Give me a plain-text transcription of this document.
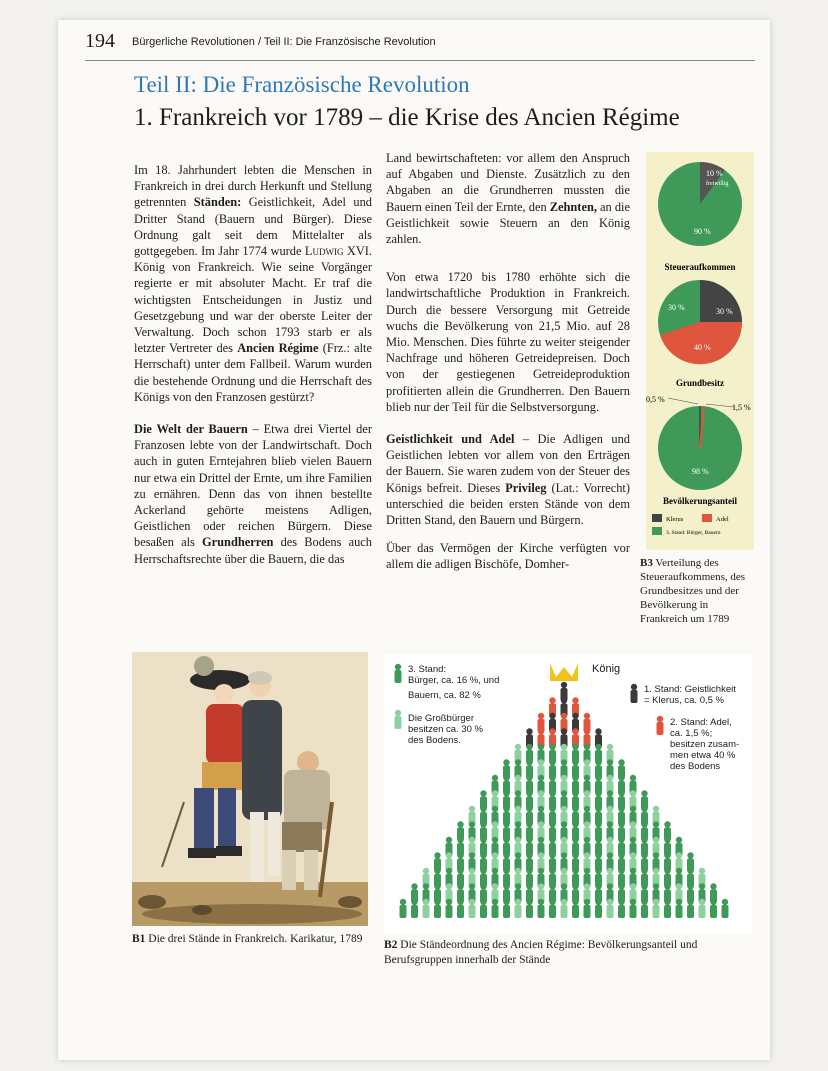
194 Bürgerliche Revolutionen / Teil II: Die Französische Revolution
Teil II: Die Französische Revolution
1. Frankreich vor 1789 – die Krise des Ancien Régime

Im 18. Jahrhundert lebten die Menschen in Frankreich in drei durch Herkunft und Stellung getrennten Ständen: Geistlichkeit, Adel und Dritter Stand (Bauern und Bürger). Diese Ordnung galt seit dem Mittelalter als gottgegeben. Im Jahr 1774 wurde Ludwig XVI. König von Frankreich. Wie seine Vorgänger regierte er mit absoluter Macht. Er traf die wichtigsten Entscheidungen in Justiz und Gesetzgebung und war der oberste Leiter der Verwaltung. Doch schon 1793 starb er als letzter Vertreter des Ancien Régime (Frz.: alte Herrschaft) unter dem Fallbeil. Warum wurden die bestehende Ordnung und die Herrschaft des Königs von den Franzosen gestürzt?

Die Welt der Bauern – Etwa drei Viertel der Franzosen lebte von der Landwirtschaft. Doch auch in guten Erntejahren blieb vielen Bauern nur etwa ein Drittel der Ernte, um ihre Familien zu ernähren. Denn das von ihnen bestellte Ackerland gehörte meistens Adligen, Geistlichen oder reichen Bürgern. Diese besaßen als Grundherren des Bodens auch Herrschaftsrechte über die Bauern, die das

Land bewirtschafteten: vor allem den Anspruch auf Abgaben und Dienste. Zusätzlich zu den Abgaben an die Grundherren mussten die Bauern einen Teil der Ernte, den Zehnten, an die Geistlichkeit sowie Steuern an den König zahlen.

Von etwa 1720 bis 1780 erhöhte sich die landwirtschaftliche Produktion in Frankreich. Durch die bessere Versorgung mit Getreide wuchs die Bevölkerung von 21,5 Mio. auf 28 Mio. Menschen. Dies führte zu weiter steigender Nachfrage und höheren Getreidepreisen. Doch von der gestiegenen Getreideproduktion profitierten allein die Grundherren. Den Bauern blieb nur der Teil für die Selbstversorgung.

Geistlichkeit und Adel – Die Adligen und Geistlichen lebten vor allem von den Erträgen der Bauern. Sie waren zudem von der Steuer des Königs befreit. Dieses Privileg (Lat.: Vorrecht) unterschied die beiden ersten Stände von dem Dritten Stand, den Bauern und Bürgern.

Über das Vermögen der Kirche verfügten vor allem die adligen Bischöfe, Domher-

10 %
freiwillig
90 %
Steueraufkommen
30 %	30 %
40 %
Grundbesitz
0,5 %
1,5 %
98 %
Bevölkerungsanteil
Klerus	Adel
3. Stand: Bürger, Bauern
B3 Verteilung des Steueraufkommens, des Grundbesitzes und der Bevölkerung in Frankreich um 1789
B1 Die drei Stände in Frankreich. Karikatur, 1789
König
3. Stand:
Bürger, ca. 16 %, und
Bauern, ca. 82 %
Die Großbürger
besitzen ca. 30 %
des Bodens.
1. Stand: Geistlichkeit
= Klerus, ca. 0,5 %
2. Stand: Adel,
ca. 1,5 %;
besitzen zusam-
men etwa 40 %
des Bodens
B2 Die Ständeordnung des Ancien Régime: Bevölkerungsanteil und Berufsgruppen innerhalb der Stände
